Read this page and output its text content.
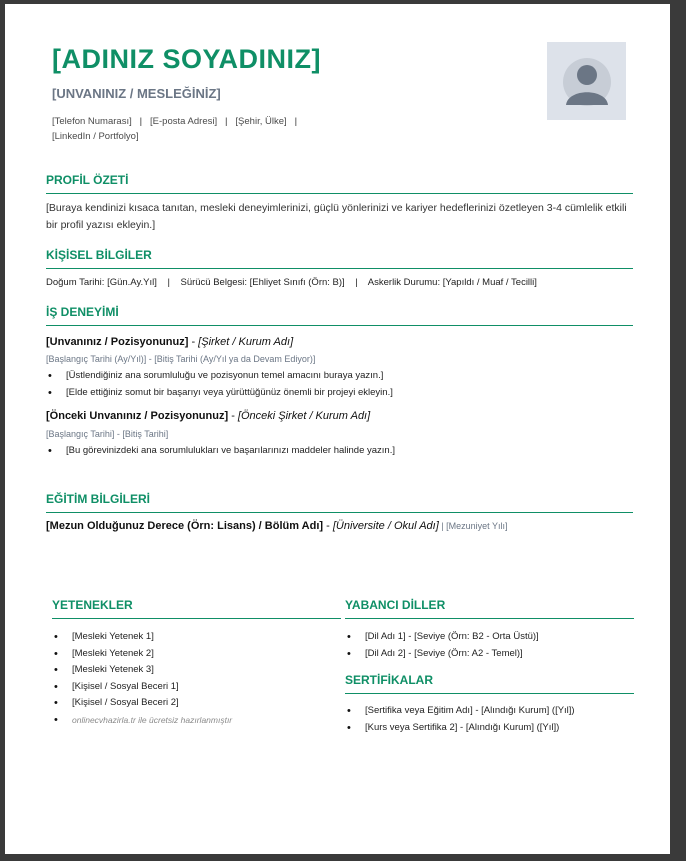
[ADINIZ SOYADINIZ]
[UNVANINIZ / MESLEĞİNİZ]
[Telefon Numarası] | [E-posta Adresi] | [Şehir, Ülke] |
[LinkedIn / Portfolyo]
PROFİL ÖZETİ
[Buraya kendinizi kısaca tanıtan, mesleki deneyimlerinizi, güçlü yönlerinizi ve kariyer hedeflerinizi özetleyen 3-4 cümlelik etkili bir profil yazısı ekleyin.]
KİŞİSEL BİLGİLER
Doğum Tarihi: [Gün.Ay.Yıl] | Sürücü Belgesi: [Ehliyet Sınıfı (Örn: B)] | Askerlik Durumu: [Yapıldı / Muaf / Tecilli]
İŞ DENEYİMİ
[Unvanınız / Pozisyonunuz] - [Şirket / Kurum Adı]
[Başlangıç Tarihi (Ay/Yıl)] - [Bitiş Tarihi (Ay/Yıl ya da Devam Ediyor)]
• [Üstlendiğiniz ana sorumluluğu ve pozisyonun temel amacını buraya yazın.]
• [Elde ettiğiniz somut bir başarıyı veya yürüttüğünüz önemli bir projeyi ekleyin.]
[Önceki Unvanınız / Pozisyonunuz] - [Önceki Şirket / Kurum Adı]
[Başlangıç Tarihi] - [Bitiş Tarihi]
• [Bu görevinizdeki ana sorumlulukları ve başarılarınızı maddeler halinde yazın.]
EĞİTİM BİLGİLERİ
[Mezun Olduğunuz Derece (Örn: Lisans) / Bölüm Adı] - [Üniversite / Okul Adı] | [Mezuniyet Yılı]
YETENEKLER
• [Mesleki Yetenek 1]
• [Mesleki Yetenek 2]
• [Mesleki Yetenek 3]
• [Kişisel / Sosyal Beceri 1]
• [Kişisel / Sosyal Beceri 2]
• onlinecvhazirla.tr ile ücretsiz hazırlanmıştır
YABANCI DİLLER
• [Dil Adı 1] - [Seviye (Örn: B2 - Orta Üstü)]
• [Dil Adı 2] - [Seviye (Örn: A2 - Temel)]
SERTİFİKALAR
• [Sertifika veya Eğitim Adı] - [Alındığı Kurum] ([Yıl])
• [Kurs veya Sertifika 2] - [Alındığı Kurum] ([Yıl])
